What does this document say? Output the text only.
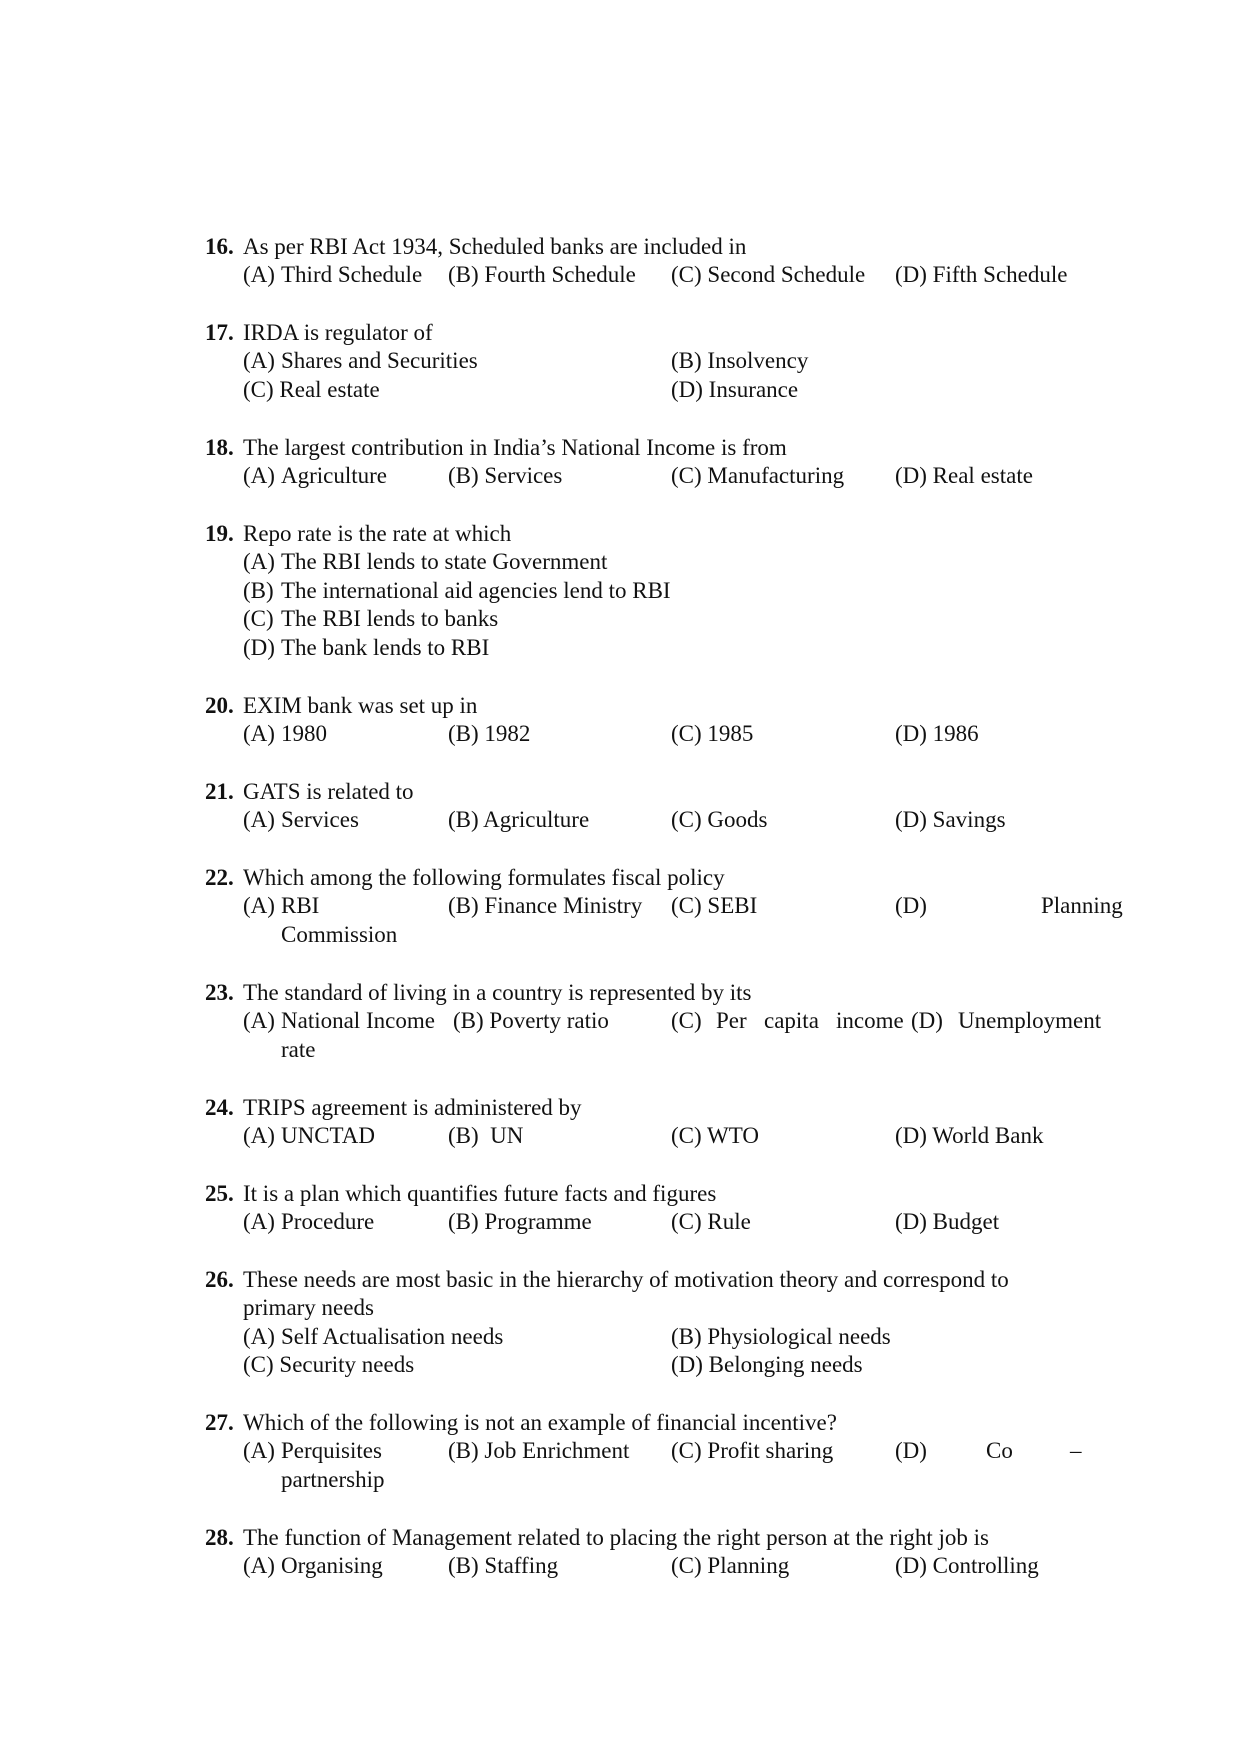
16. As per RBI Act 1934, Scheduled banks are included in
(A) Third Schedule (B) Fourth Schedule (C) Second Schedule (D) Fifth Schedule
17. IRDA is regulator of
(A) Shares and Securities	(B) Insolvency
(C) Real estate	(D) Insurance
18. The largest contribution in India’s National Income is from
(A) Agriculture	(B) Services	(C) Manufacturing (D) Real estate
19. Repo rate is the rate at which
(A) The RBI lends to state Government
(B) The international aid agencies lend to RBI
(C) The RBI lends to banks
(D) The bank lends to RBI
20. EXIM bank was set up in
(A) 1980	(B) 1982	(C) 1985	(D) 1986
21. GATS is related to
(A) Services	(B) Agriculture	(C) Goods	(D) Savings
22. Which among the following formulates fiscal policy
(A) RBI	(B) Finance Ministry (C) SEBI	(D)	Planning
Commission
23. The standard of living in a country is represented by its
(A) National Income (B) Poverty ratio	(C) Per capita income (D) Unemployment
rate
24. TRIPS agreement is administered by
(A) UNCTAD	(B)  UN	(C) WTO	(D) World Bank
25. It is a plan which quantifies future facts and figures
(A) Procedure	(B) Programme	(C) Rule	(D) Budget
26. These needs are most basic in the hierarchy of motivation theory and correspond to
primary needs
(A) Self Actualisation needs	(B) Physiological needs
(C) Security needs	(D) Belonging needs
27. Which of the following is not an example of financial incentive?
(A) Perquisites	(B) Job Enrichment (C) Profit sharing	(D)	Co –
partnership
28. The function of Management related to placing the right person at the right job is
(A) Organising	(B) Staffing	(C) Planning	(D) Controlling
